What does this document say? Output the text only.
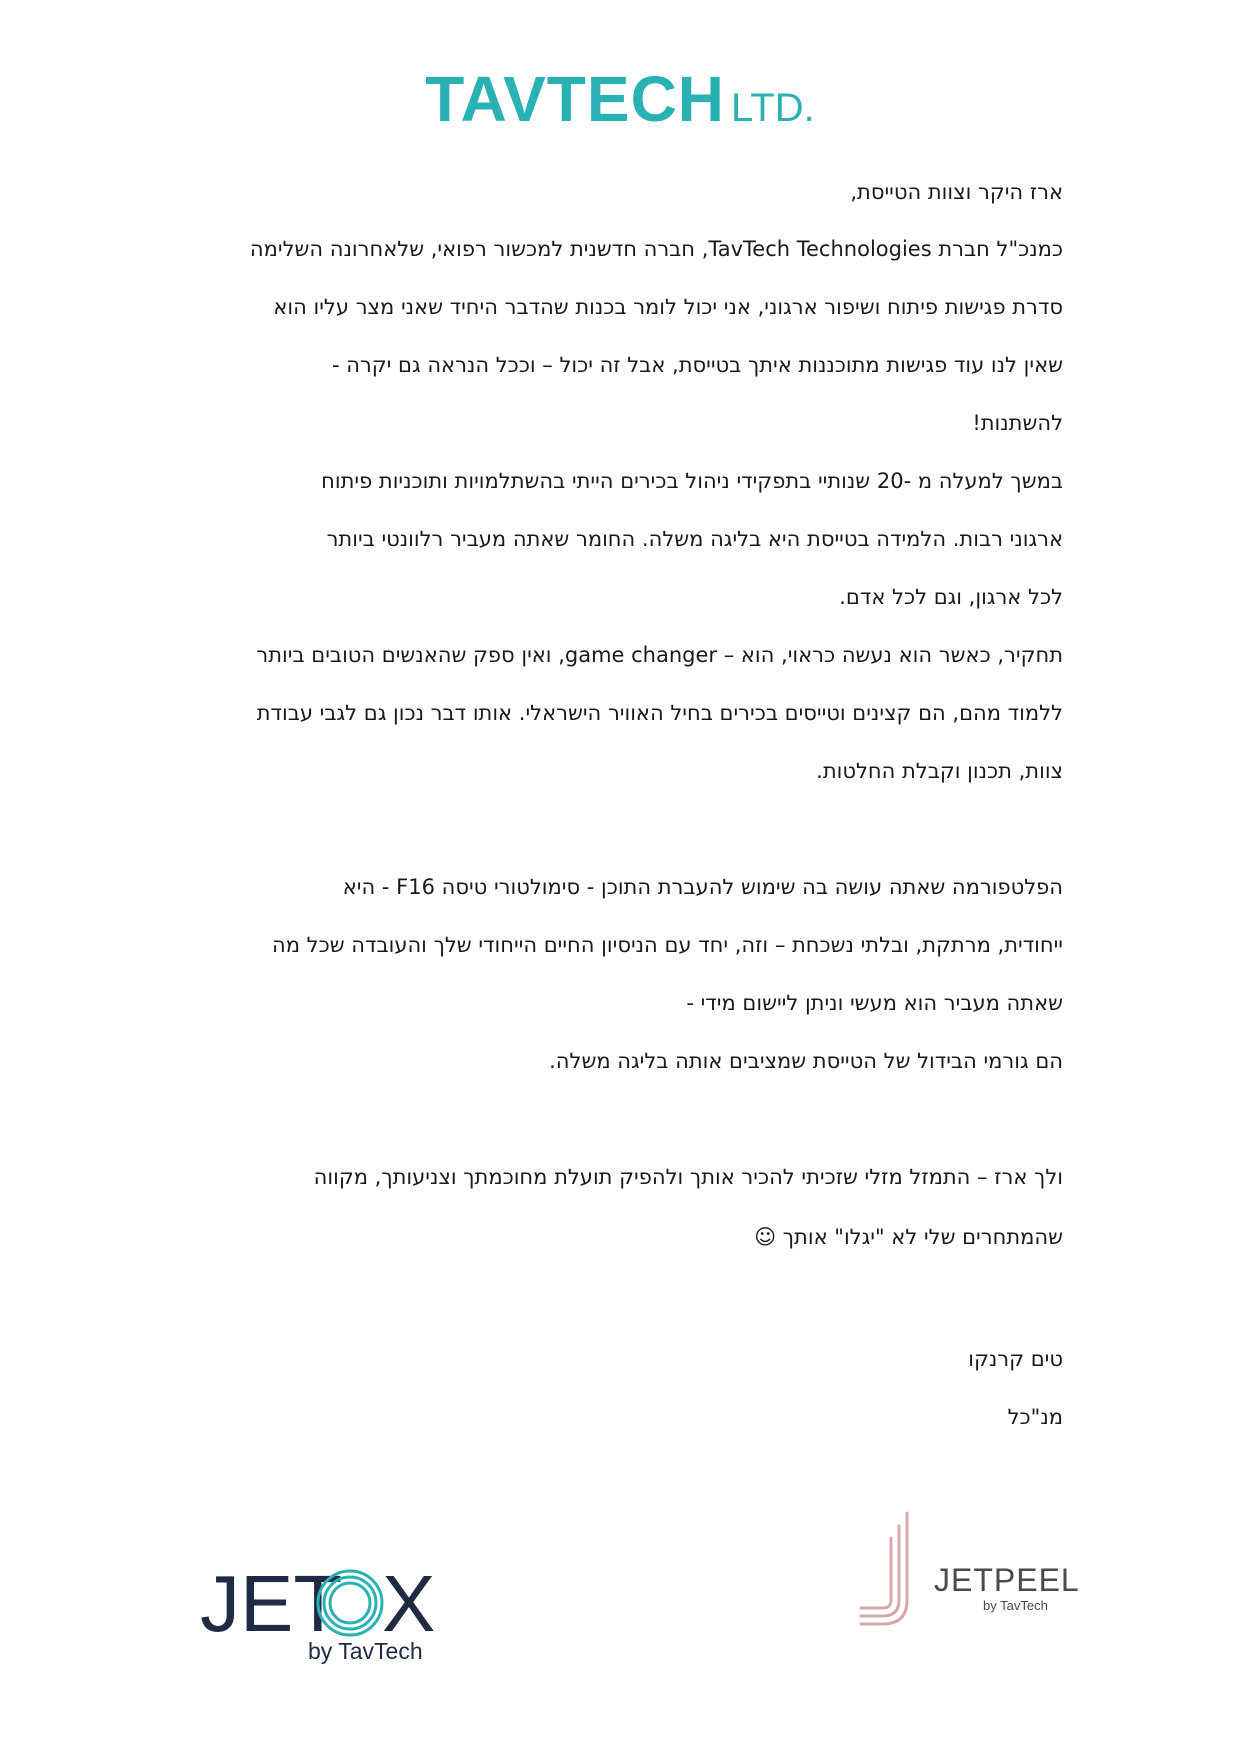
TAVTECH LTD.
ארז היקר וצוות הטייסת,
כמנכ"ל חברת TavTech Technologies, חברה חדשנית למכשור רפואי, שלאחרונה השלימה
סדרת פגישות פיתוח ושיפור ארגוני, אני יכול לומר בכנות שהדבר היחיד שאני מצר עליו הוא
שאין לנו עוד פגישות מתוכננות איתך בטייסת, אבל זה יכול – וככל הנראה גם יקרה -
להשתנות!
במשך למעלה מ -20 שנותיי בתפקידי ניהול בכירים הייתי בהשתלמויות ותוכניות פיתוח
ארגוני רבות. הלמידה בטייסת היא בליגה משלה. החומר שאתה מעביר רלוונטי ביותר
לכל ארגון, וגם לכל אדם.
תחקיר, כאשר הוא נעשה כראוי, הוא – game changer, ואין ספק שהאנשים הטובים ביותר
ללמוד מהם, הם קצינים וטייסים בכירים בחיל האוויר הישראלי. אותו דבר נכון גם לגבי עבודת
צוות, תכנון וקבלת החלטות.
הפלטפורמה שאתה עושה בה שימוש להעברת התוכן - סימולטורי טיסה F16 - היא
ייחודית, מרתקת, ובלתי נשכחת – וזה, יחד עם הניסיון החיים הייחודי שלך והעובדה שכל מה
שאתה מעביר הוא מעשי וניתן ליישום מידי -
הם גורמי הבידול של הטייסת שמציבים אותה בליגה משלה.
ולך ארז – התמזל מזלי שזכיתי להכיר אותך ולהפיק תועלת מחוכמתך וצניעותך, מקווה
שהמתחרים שלי לא "יגלו" אותך ☺
טים קרנקו
מנ"כל
JET X
by TavTech
JETPEEL
by TavTech
